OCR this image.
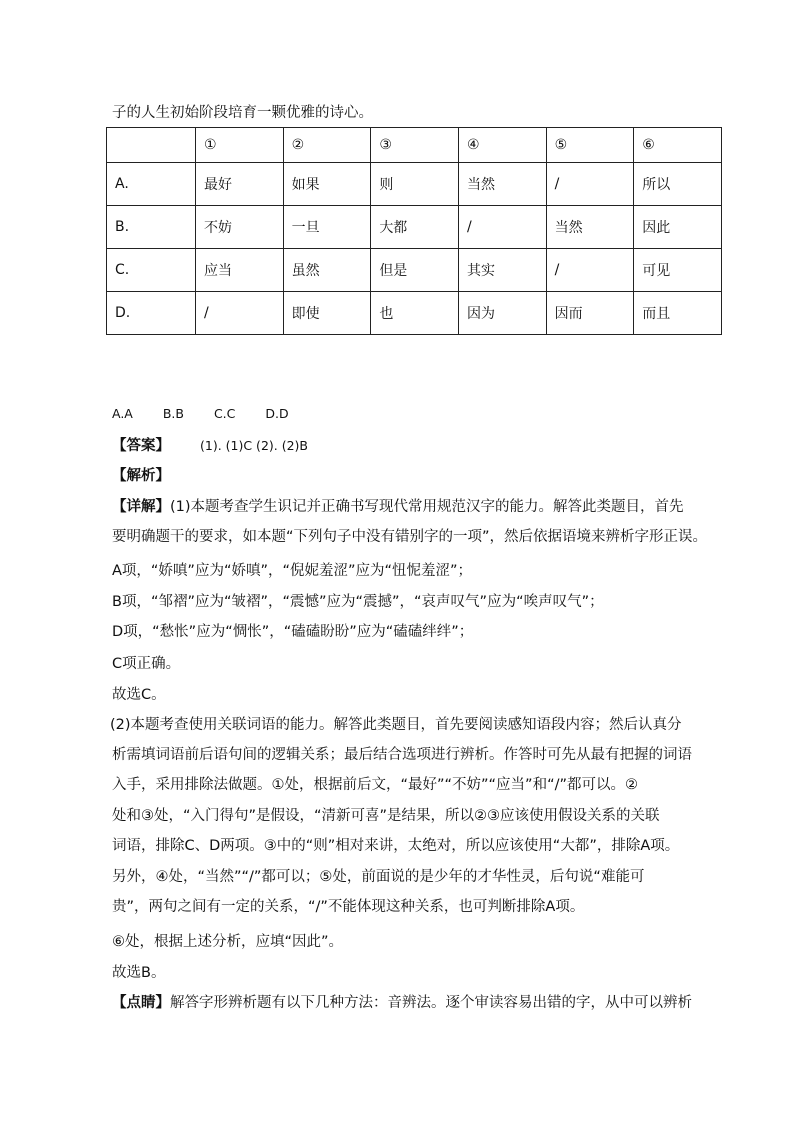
子的人生初始阶段培育一颗优雅的诗心。
	①	②	③	④	⑤	⑥
A.	最好	如果	则	当然	/	所以
B.	不妨	一旦	大都	/	当然	因此
C.	应当	虽然	但是	其实	/	可见
D.	/	即使	也	因为	因而	而且
A.A B.B C.C D.D
【答案】 (1). (1)C (2). (2)B
【解析】
【详解】(1)本题考查学生识记并正确书写现代常用规范汉字的能力。解答此类题目，首先
要明确题干的要求，如本题“下列句子中没有错别字的一项”，然后依据语境来辨析字形正误。
A项，“娇嗔”应为“娇嗔”，“倪妮羞涩”应为“忸怩羞涩”；
B项，“邹褶”应为“皱褶”，“震憾”应为“震撼”，“哀声叹气”应为“唉声叹气”；
D项，“愁怅”应为“惆怅”，“磕磕盼盼”应为“磕磕绊绊”；
C项正确。
故选C。
(2)本题考查使用关联词语的能力。解答此类题目，首先要阅读感知语段内容；然后认真分
析需填词语前后语句间的逻辑关系；最后结合选项进行辨析。作答时可先从最有把握的词语
入手，采用排除法做题。①处，根据前后文，“最好”“不妨”“应当”和“/”都可以。②
处和③处，“入门得句”是假设，“清新可喜”是结果，所以②③应该使用假设关系的关联
词语，排除C、D两项。③中的“则”相对来讲，太绝对，所以应该使用“大都”，排除A项。
另外，④处，“当然”“/”都可以；⑤处，前面说的是少年的才华性灵，后句说“难能可
贵”，两句之间有一定的关系，“/”不能体现这种关系，也可判断排除A项。
⑥处，根据上述分析，应填“因此”。
故选B。
【点睛】解答字形辨析题有以下几种方法：音辨法。逐个审读容易出错的字，从中可以辨析
